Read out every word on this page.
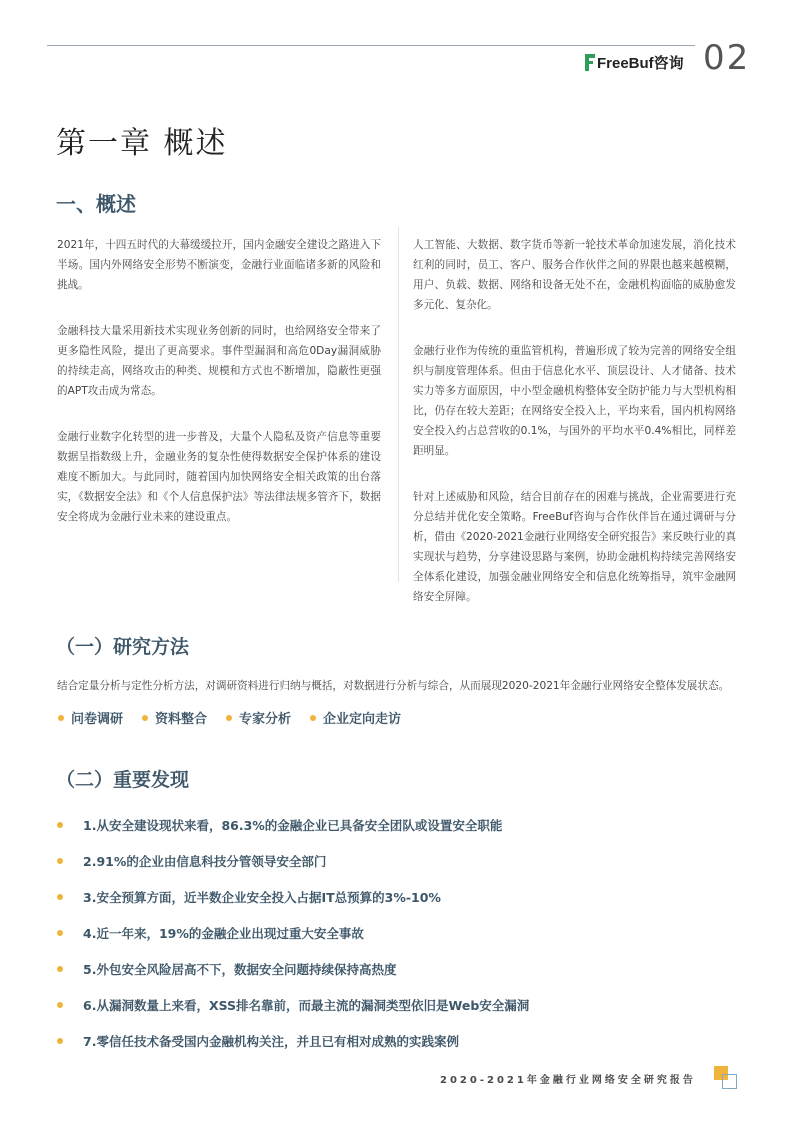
FreeBuf咨询 02
第一章 概述
一、概述

2021年，十四五时代的大幕缓缓拉开，国内金融安全建设之路进入下半场。国内外网络安全形势不断演变，金融行业面临诸多新的风险和挑战。

金融科技大量采用新技术实现业务创新的同时，也给网络安全带来了更多隐性风险，提出了更高要求。事件型漏洞和高危0Day漏洞威胁的持续走高，网络攻击的种类、规模和方式也不断增加，隐蔽性更强的APT攻击成为常态。

金融行业数字化转型的进一步普及，大量个人隐私及资产信息等重要数据呈指数级上升，金融业务的复杂性使得数据安全保护体系的建设难度不断加大。与此同时，随着国内加快网络安全相关政策的出台落实，《数据安全法》和《个人信息保护法》等法律法规多管齐下，数据安全将成为金融行业未来的建设重点。

人工智能、大数据、数字货币等新一轮技术革命加速发展，消化技术红利的同时，员工、客户、服务合作伙伴之间的界限也越来越模糊，用户、负载、数据、网络和设备无处不在，金融机构面临的威胁愈发多元化、复杂化。

金融行业作为传统的重监管机构，普遍形成了较为完善的网络安全组织与制度管理体系。但由于信息化水平、顶层设计、人才储备、技术实力等多方面原因，中小型金融机构整体安全防护能力与大型机构相比，仍存在较大差距；在网络安全投入上，平均来看，国内机构网络安全投入约占总营收的0.1%，与国外的平均水平0.4%相比，同样差距明显。

针对上述威胁和风险，结合目前存在的困难与挑战，企业需要进行充分总结并优化安全策略。FreeBuf咨询与合作伙伴旨在通过调研与分析，借由《2020-2021金融行业网络安全研究报告》来反映行业的真实现状与趋势，分享建设思路与案例，协助金融机构持续完善网络安全体系化建设，加强金融业网络安全和信息化统筹指导，筑牢金融网络安全屏障。

（一）研究方法
结合定量分析与定性分析方法，对调研资料进行归纳与概括，对数据进行分析与综合，从而展现2020-2021年金融行业网络安全整体发展状态。
问卷调研 资料整合 专家分析 企业定向走访
（二）重要发现
1.从安全建设现状来看，86.3%的金融企业已具备安全团队或设置安全职能
2.91%的企业由信息科技分管领导安全部门
3.安全预算方面，近半数企业安全投入占据IT总预算的3%-10%
4.近一年来，19%的金融企业出现过重大安全事故
5.外包安全风险居高不下，数据安全问题持续保持高热度
6.从漏洞数量上来看，XSS排名靠前，而最主流的漏洞类型依旧是Web安全漏洞
7.零信任技术备受国内金融机构关注，并且已有相对成熟的实践案例
2020-2021年金融行业网络安全研究报告
